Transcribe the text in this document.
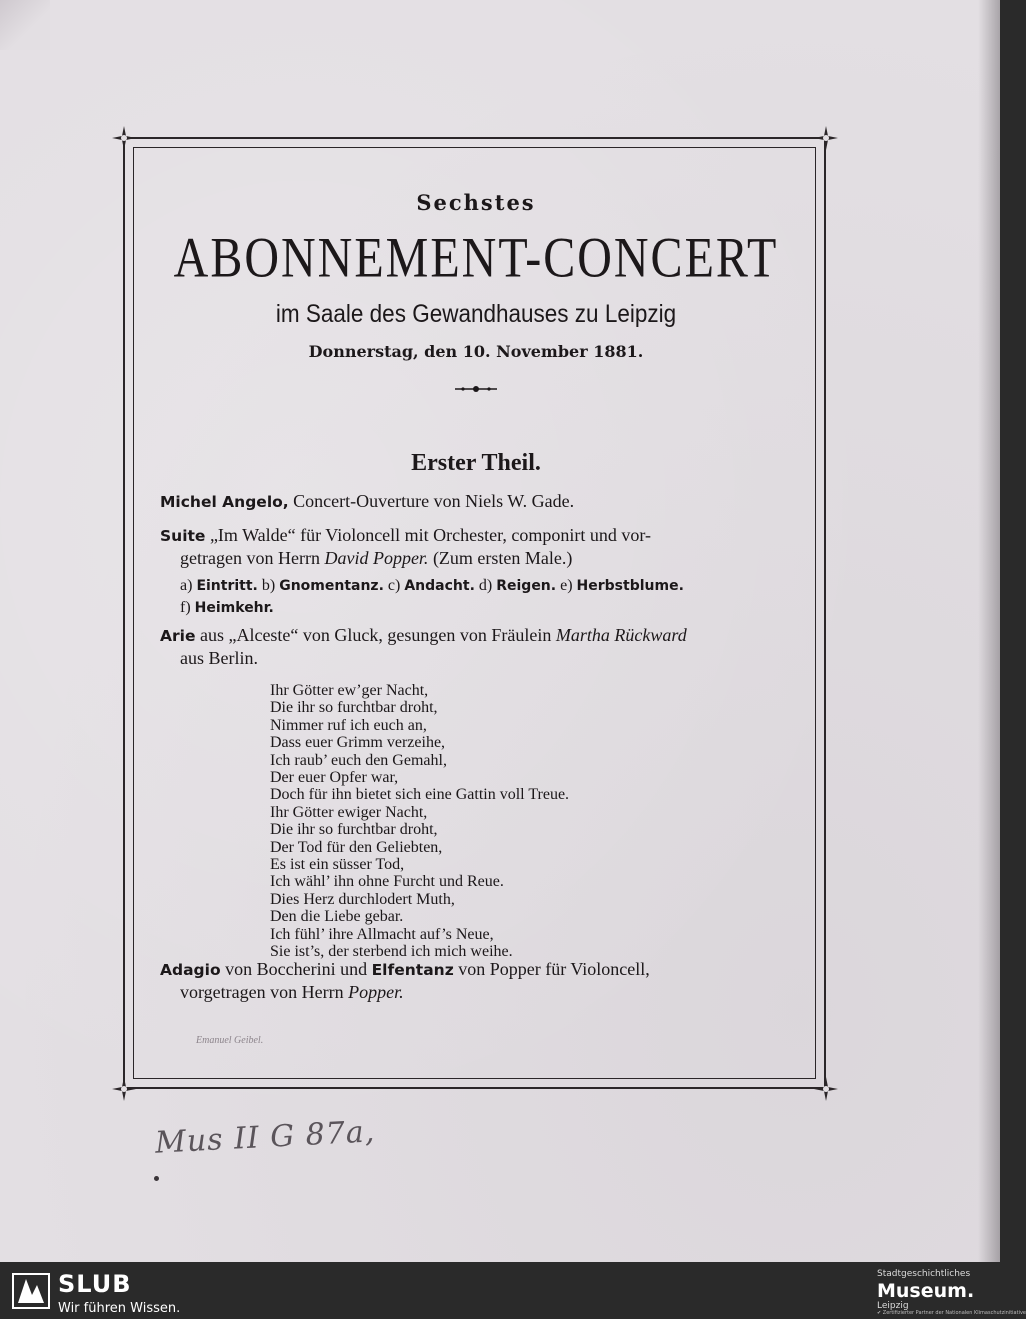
Sechstes
ABONNEMENT-CONCERT
im Saale des Gewandhauses zu Leipzig
Donnerstag, den 10. November 1881.
Erster Theil.
Michel Angelo, Concert-Ouverture von Niels W. Gade.
Suite „Im Walde“ für Violoncell mit Orchester, componirt und vor-
getragen von Herrn David Popper. (Zum ersten Male.)
a) Eintritt. b) Gnomentanz. c) Andacht. d) Reigen. e) Herbstblume.
f) Heimkehr.
Arie aus „Alceste“ von Gluck, gesungen von Fräulein Martha Rückward
aus Berlin.
Ihr Götter ew’ger Nacht,
Die ihr so furchtbar droht,
Nimmer ruf ich euch an,
Dass euer Grimm verzeihe,
Ich raub’ euch den Gemahl,
Der euer Opfer war,
Doch für ihn bietet sich eine Gattin voll Treue.
Ihr Götter ewiger Nacht,
Die ihr so furchtbar droht,
Der Tod für den Geliebten,
Es ist ein süsser Tod,
Ich wähl’ ihn ohne Furcht und Reue.
Dies Herz durchlodert Muth,
Den die Liebe gebar.
Ich fühl’ ihre Allmacht auf’s Neue,
Sie ist’s, der sterbend ich mich weihe.
Adagio von Boccherini und Elfentanz von Popper für Violoncell,
vorgetragen von Herrn Popper.
Emanuel Geibel.
Mus II G 87a,
SLUB
Wir führen Wissen.
Stadtgeschichtliches
Museum.
Leipzig
✔ Zertifizierter Partner der Nationalen Klimaschutzinitiative
